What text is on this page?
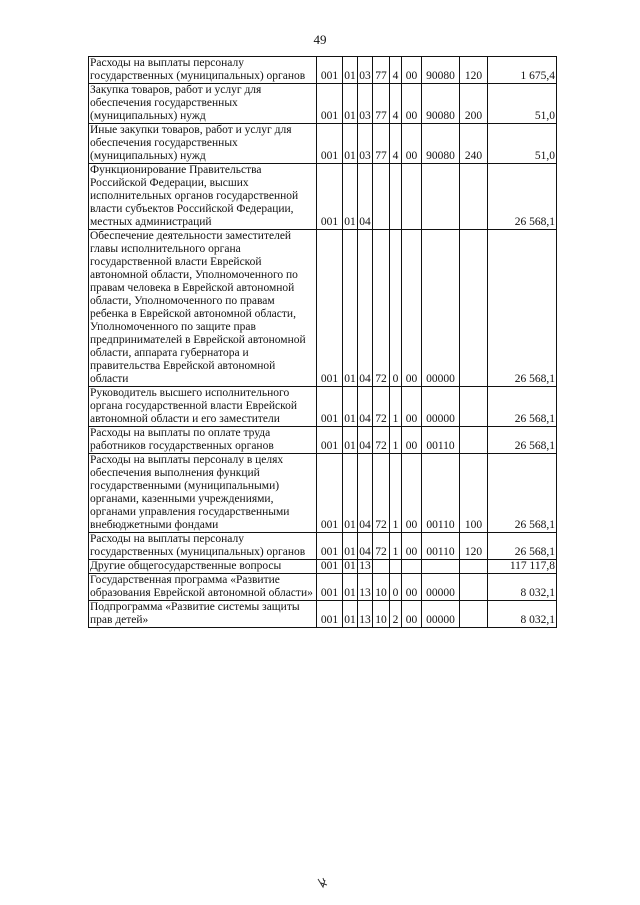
49
Расходы на выплаты персоналу государственных (муниципальных) органов	001	01	03	77	4	00	90080	120	1 675,4
Закупка товаров, работ и услуг для обеспечения государственных (муниципальных) нужд	001	01	03	77	4	00	90080	200	51,0
Иные закупки товаров, работ и услуг для обеспечения государственных (муниципальных) нужд	001	01	03	77	4	00	90080	240	51,0
Функционирование Правительства Российской Федерации, высших исполнительных органов государственной власти субъектов Российской Федерации, местных администраций	001	01	04						26 568,1
Обеспечение деятельности заместителей главы исполнительного органа государственной власти Еврейской автономной области, Уполномоченного по правам человека в Еврейской автономной области, Уполномоченного по правам ребенка в Еврейской автономной области, Уполномоченного по защите прав предпринимателей в Еврейской автономной области, аппарата губернатора и правительства Еврейской автономной области	001	01	04	72	0	00	00000		26 568,1
Руководитель высшего исполнительного органа государственной власти Еврейской автономной области и его заместители	001	01	04	72	1	00	00000		26 568,1
Расходы на выплаты по оплате труда работников государственных органов	001	01	04	72	1	00	00110		26 568,1
Расходы на выплаты персоналу в целях обеспечения выполнения функций государственными (муниципальными) органами, казенными учреждениями, органами управления государственными внебюджетными фондами	001	01	04	72	1	00	00110	100	26 568,1
Расходы на выплаты персоналу государственных (муниципальных) органов	001	01	04	72	1	00	00110	120	26 568,1
Другие общегосударственные вопросы	001	01	13						117 117,8
Государственная программа «Развитие образования Еврейской автономной области»	001	01	13	10	0	00	00000		8 032,1
Подпрограмма «Развитие системы защиты прав детей»	001	01	13	10	2	00	00000		8 032,1
